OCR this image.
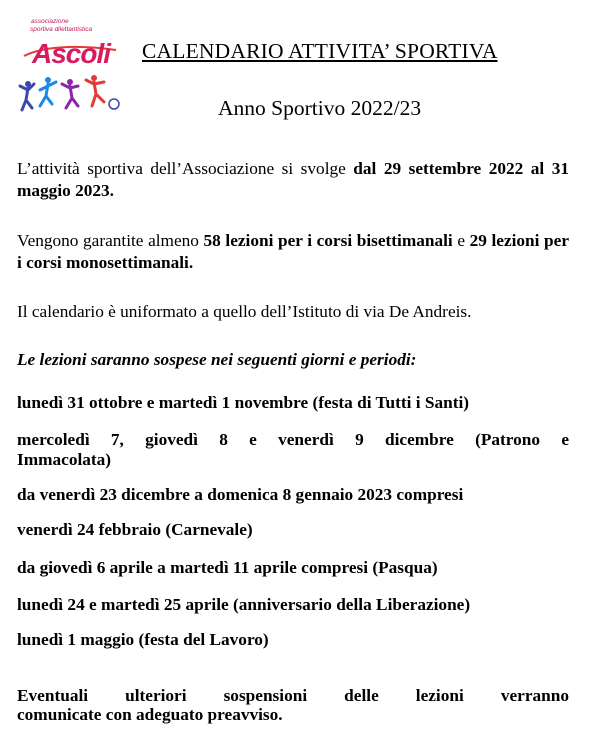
associazione
sportiva dilettantistica
Ascoli CALENDARIO ATTIVITA’ SPORTIVA
Anno Sportivo 2022/23
L’attività sportiva dell’Associazione si svolge dal 29 settembre 2022 al 31 maggio 2023.
Vengono garantite almeno 58 lezioni per i corsi bisettimanali e 29 lezioni per i corsi monosettimanali.
Il calendario è uniformato a quello dell’Istituto di via De Andreis.
Le lezioni saranno sospese nei seguenti giorni e periodi:
lunedì 31 ottobre e martedì 1 novembre (festa di Tutti i Santi)
mercoledì 7, giovedì 8 e venerdì 9 dicembre (Patrono e
Immacolata)
da venerdì 23 dicembre a domenica 8 gennaio 2023 compresi
venerdì 24 febbraio (Carnevale)
da giovedì 6 aprile a martedì 11 aprile compresi (Pasqua)
lunedì 24 e martedì 25 aprile (anniversario della Liberazione)
lunedì 1 maggio (festa del Lavoro)
Eventuali ulteriori sospensioni delle lezioni verranno
comunicate con adeguato preavviso.
